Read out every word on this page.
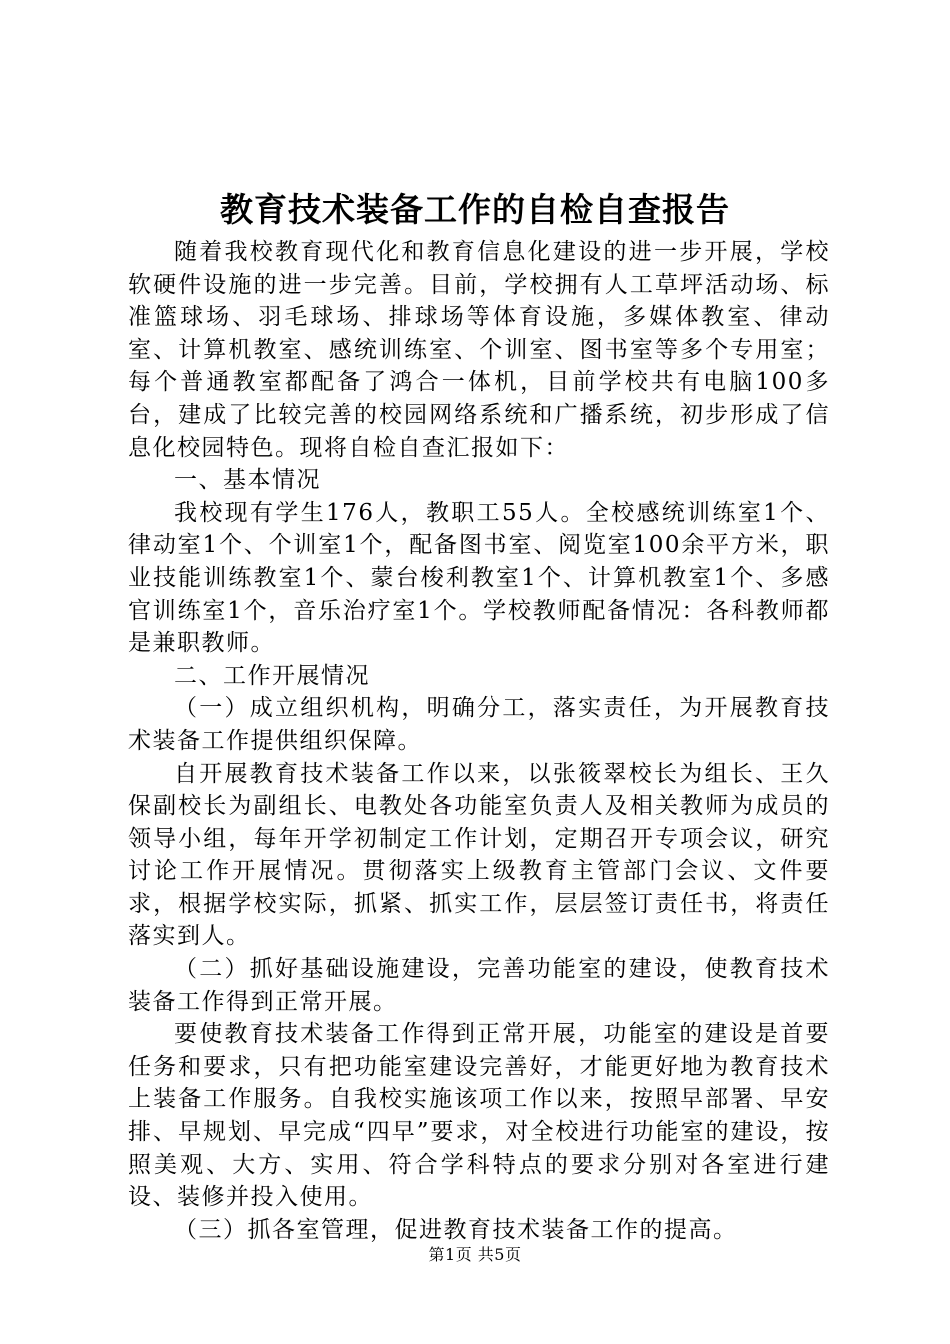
教育技术装备工作的自检自查报告

随着我校教育现代化和教育信息化建设的进一步开展，学校软硬件设施的进一步完善。目前，学校拥有人工草坪活动场、标准篮球场、羽毛球场、排球场等体育设施，多媒体教室、律动室、计算机教室、感统训练室、个训室、图书室等多个专用室；每个普通教室都配备了鸿合一体机，目前学校共有电脑100多台，建成了比较完善的校园网络系统和广播系统，初步形成了信息化校园特色。现将自检自查汇报如下：

一、基本情况

我校现有学生176人，教职工55人。全校感统训练室1个、律动室1个、个训室1个，配备图书室、阅览室100余平方米，职业技能训练教室1个、蒙台梭利教室1个、计算机教室1个、多感官训练室1个，音乐治疗室1个。学校教师配备情况：各科教师都是兼职教师。

二、工作开展情况

（一）成立组织机构，明确分工，落实责任，为开展教育技术装备工作提供组织保障。

自开展教育技术装备工作以来，以张筱翠校长为组长、王久保副校长为副组长、电教处各功能室负责人及相关教师为成员的领导小组，每年开学初制定工作计划，定期召开专项会议，研究讨论工作开展情况。贯彻落实上级教育主管部门会议、文件要求，根据学校实际，抓紧、抓实工作，层层签订责任书，将责任落实到人。

（二）抓好基础设施建设，完善功能室的建设，使教育技术装备工作得到正常开展。

要使教育技术装备工作得到正常开展，功能室的建设是首要任务和要求，只有把功能室建设完善好，才能更好地为教育技术上装备工作服务。自我校实施该项工作以来，按照早部署、早安排、早规划、早完成“四早”要求，对全校进行功能室的建设，按照美观、大方、实用、符合学科特点的要求分别对各室进行建设、装修并投入使用。

（三）抓各室管理，促进教育技术装备工作的提高。

第1页 共5页
